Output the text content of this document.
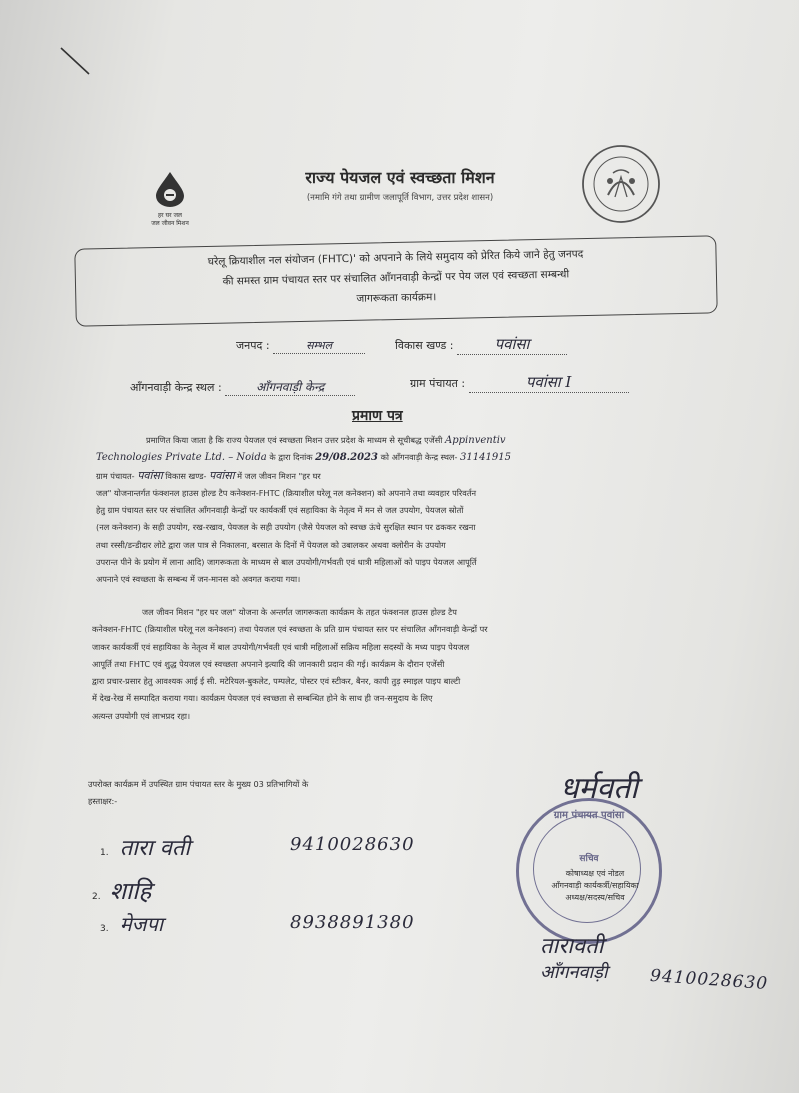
हर घर जल
जल जीवन मिशन
राज्य पेयजल एवं स्वच्छता मिशन
(नमामि गंगे तथा ग्रामीण जलापूर्ति विभाग, उत्तर प्रदेश शासन)
घरेलू क्रियाशील नल संयोजन (FHTC)' को अपनाने के लिये समुदाय को प्रेरित किये जाने हेतु जनपद
की समस्त ग्राम पंचायत स्तर पर संचालित आँगनवाड़ी केन्द्रों पर पेय जल एवं स्वच्छता सम्बन्धी
जागरूकता कार्यक्रम।
जनपद :	सम्भल	विकास खण्ड :	पवांसा
आँगनवाड़ी केन्द्र स्थल :	आँगनवाड़ी केन्द्र	ग्राम पंचायत :	पवांसा I
प्रमाण पत्र
प्रमाणित किया जाता है कि राज्य पेयजल एवं स्वच्छता मिशन उत्तर प्रदेश के माध्यम से सूचीबद्ध एजेंसी Appinventiv
Technologies Private Ltd. – Noida के द्वारा दिनांक 29/08.2023 को आँगनवाड़ी केन्द्र स्थल- 31141915
ग्राम पंचायत- पवांसा विकास खण्ड- पवांसा में जल जीवन मिशन "हर घर
जल" योजनान्तर्गत फंक्शनल हाउस होल्ड टैप कनेक्शन-FHTC (क्रियाशील घरेलू नल कनेक्शन) को अपनाने तथा व्यवहार परिवर्तन
हेतु ग्राम पंचायत स्तर पर संचालित आँगनवाड़ी केन्द्रों पर कार्यकर्त्री एवं सहायिका के नेतृत्व में मन से जल उपयोग, पेयजल स्रोतों
(नल कनेक्शन) के सही उपयोग, रख-रखाव, पेयजल के सही उपयोग (जैसे पेयजल को स्वच्छ ऊंचे सुरक्षित स्थान पर ढककर रखना
तथा रस्सी/डन्डीदार लोटे द्वारा जल पात्र से निकालना, बरसात के दिनों में पेयजल को उबालकर अथवा क्लोरीन के उपयोग
उपरान्त पीने के प्रयोग में लाना आदि) जागरूकता के माध्यम से बाल उपयोगी/गर्भवती एवं धात्री महिलाओं को पाइप पेयजल आपूर्ति
अपनाने एवं स्वच्छता के सम्बन्ध में जन-मानस को अवगत कराया गया।
जल जीवन मिशन "हर घर जल" योजना के अन्तर्गत जागरूकता कार्यक्रम के तहत फंक्शनल हाउस होल्ड टैप
कनेक्शन-FHTC (क्रियाशील घरेलू नल कनेक्शन) तथा पेयजल एवं स्वच्छता के प्रति ग्राम पंचायत स्तर पर संचालित आँगनवाड़ी केन्द्रों पर
जाकर कार्यकर्त्री एवं सहायिका के नेतृत्व में बाल उपयोगी/गर्भवती एवं धात्री महिलाओं सक्रिय महिला सदस्यों के मध्य पाइप पेयजल
आपूर्ति तथा FHTC एवं शुद्ध पेयजल एवं स्वच्छता अपनाने इत्यादि की जानकारी प्रदान की गई। कार्यक्रम के दौरान एजेंसी
द्वारा प्रचार-प्रसार हेतु आवश्यक आई ई सी. मटेरियल-बुकलेट, पम्पलेट, पोस्टर एवं स्टीकर, बैनर, कापी तुड़ स्माइल पाइप बाल्टी
में देख-रेख में सम्पादित कराया गया। कार्यक्रम पेयजल एवं स्वच्छता से सम्बन्धित होने के साथ ही जन-समुदाय के लिए
अत्यन्त उपयोगी एवं लाभप्रद रहा।
उपरोक्त कार्यक्रम में उपस्थित ग्राम पंचायत स्तर के मुख्य 03 प्रतिभागियों के
हस्ताक्षर:-
1. तारा वती	9410028630
2. शाहि
3. मेजपा	8938891380
धर्मवती
ग्राम पंचायत पवांसा
सचिव
कोषाध्यक्ष एवं नोडल
आँगनवाड़ी कार्यकर्त्री/सहायिका
अध्यक्ष/सदस्य/सचिव
तारावती
आँगनवाड़ी 9410028630
